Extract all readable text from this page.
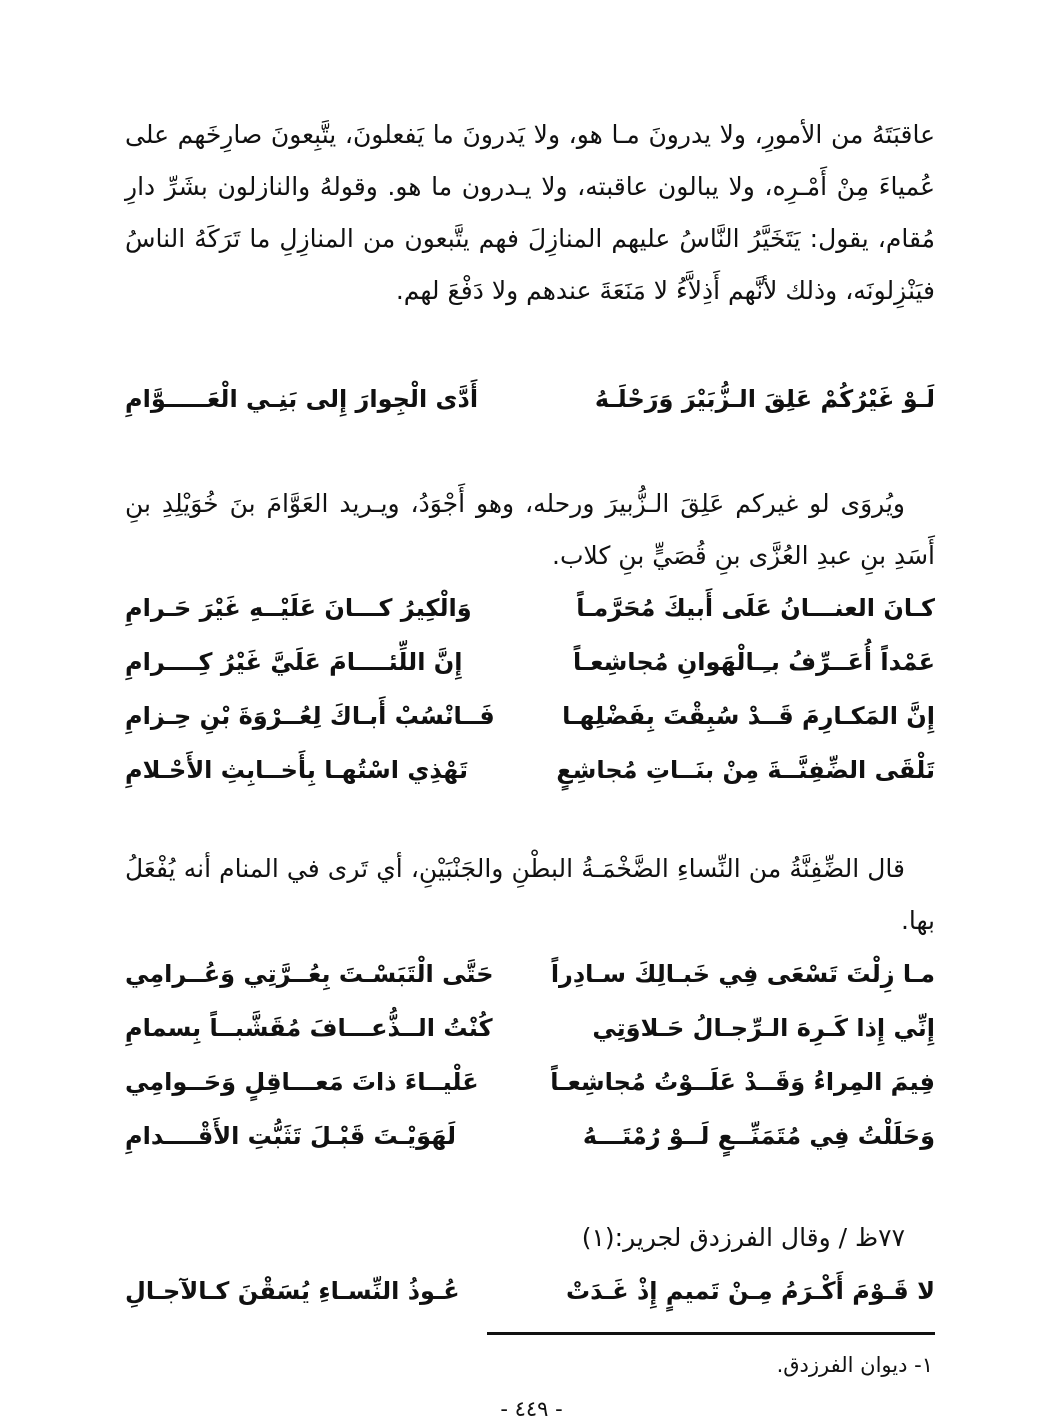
عاقبَتَهُ من الأمورِ، ولا يدرونَ مـا هو، ولا يَدرونَ ما يَفعلونَ، يتَّبِعونَ صارِخَهم على عُمياءَ مِنْ أَمْـرِه، ولا يبالون عاقبته، ولا يـدرون ما هو. وقولهُ والنازلون بشَرِّ دارِ مُقام، يقول: يَتَخَيَّرُ النَّاسُ عليهم المنازِلَ فهم يتَّبعون من المنازِلِ ما تَرَكَهُ الناسُ فيَنْزِلونَه، وذلك لأنَّهم أَذِلاَّءُ لا مَنَعَةَ عندهم ولا دَفْعَ لهم.

لَـوْ غَيْرُكُمْ عَلِقَ الـزُّبَيْرَ وَرَحْلَـهُ
أَدَّى الْجِوارَ إِلى بَنِـي الْعَـــــوَّامِ

ويُروَى لو غيركم عَلِقَ الـزُّبيرَ ورحله، وهو أَجْوَدُ، ويـريد العَوَّامَ بنَ خُوَيْلِدِ بنِ أَسَدِ بنِ عبدِ العُزَّى بنِ قُصَيٍّ بنِ كلاب.

كـانَ العنـــانُ عَلَى أَبيكَ مُحَرَّمـاً
وَالْكِيرُ كـــانَ عَلَيْــهِ غَيْرَ حَـرامِ
عَمْداً أُعَــرِّفُ بـِـالْهَوانِ مُجاشِعـاً
إِنَّ اللِّئــــامَ عَلَيَّ غَيْرُ كِــــرامِ
إِنَّ المَكـارِمَ قَــدْ سُبِقْتَ بِفَضْلِهـا
فَــانْسُبْ أَبـاكَ لِعُــرْوَةَ بْنِ حِـزامِ
تَلْقَى الضِّفِنَّــةَ مِنْ بنَــاتِ مُجاشِعٍ
تَهْذِي اسْتُهـا بِأَخــابِثِ الأَحْـلامِ

قال الضِّفِنَّةُ من النِّساءِ الضَّخْمَـةُ البطْنِ والجَنْبَيْنِ، أي تَرى في المنام أنه يُفْعَلُ بها.

مـا زِلْتَ تَسْعَى فِي خَبـالِكَ سـادِراً
حَتَّى الْتَبَسْـتَ بِعُــرَّتِي وَعُــرامِي
إِنِّي إِذا كَـرِهَ الـرِّجـالُ حَـلاوَتِي
كُنْتُ الــذُّعـــافَ مُقَشَّبــاً بِسمامِ
فِيمَ المِراءُ وَقَــدْ عَلَــوْتُ مُجاشِعـاً
عَلْيــاءَ ذاتَ مَعـــاقِلٍ وَحَــوامِي
وَحَلَلْتُ فِي مُتَمَنِّــعٍ لَــوْ رُمْتَـــهُ
لَهَوَيْـتَ قَبْـلَ تَثَبُّتِ الأَقْــــدامِ

٧٧ظ / وقال الفرزدق لجرير:(١)

لا قَـوْمَ أَكْـرَمُ مِـنْ تَميمٍ إِذْ غَـدَتْ
عُـوذُ النِّسـاءِ يُسَقْنَ كـالآجـالِ
١- ديوان الفرزدق.
- ٤٤٩ -
